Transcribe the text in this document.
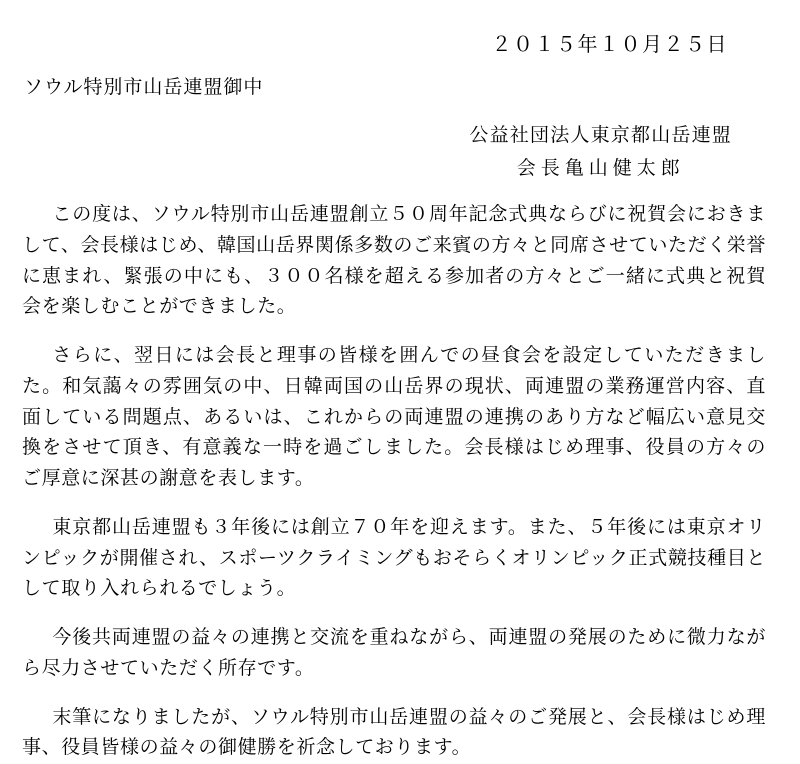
２０１５年１０月２５日
ソウル特別市山岳連盟御中
公益社団法人東京都山岳連盟
会長亀山健太郎

この度は、ソウル特別市山岳連盟創立５０周年記念式典ならびに祝賀会におきまして、会長様はじめ、韓国山岳界関係多数のご来賓の方々と同席させていただく栄誉に恵まれ、緊張の中にも、３００名様を超える参加者の方々とご一緒に式典と祝賀会を楽しむことができました。

さらに、翌日には会長と理事の皆様を囲んでの昼食会を設定していただきました。和気藹々の雰囲気の中、日韓両国の山岳界の現状、両連盟の業務運営内容、直面している問題点、あるいは、これからの両連盟の連携のあり方など幅広い意見交換をさせて頂き、有意義な一時を過ごしました。会長様はじめ理事、役員の方々のご厚意に深甚の謝意を表します。

東京都山岳連盟も３年後には創立７０年を迎えます。また、５年後には東京オリンピックが開催され、スポーツクライミングもおそらくオリンピック正式競技種目として取り入れられるでしょう。

今後共両連盟の益々の連携と交流を重ねながら、両連盟の発展のために微力ながら尽力させていただく所存です。

末筆になりましたが、ソウル特別市山岳連盟の益々のご発展と、会長様はじめ理事、役員皆様の益々の御健勝を祈念しております。
